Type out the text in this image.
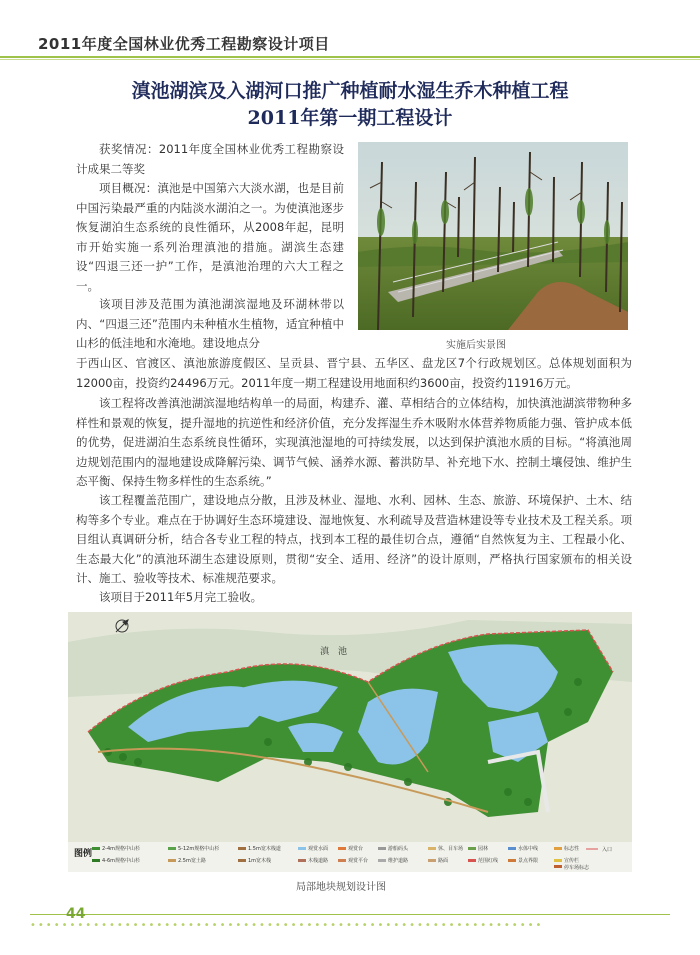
2011年度全国林业优秀工程勘察设计项目
滇池湖滨及入湖河口推广种植耐水湿生乔木种植工程
2011年第一期工程设计

获奖情况：2011年度全国林业优秀工程勘察设计成果二等奖

项目概况：滇池是中国第六大淡水湖，也是目前中国污染最严重的内陆淡水湖泊之一。为使滇池逐步恢复湖泊生态系统的良性循环，从2008年起，昆明市开始实施一系列治理滇池的措施。湖滨生态建设“四退三还一护”工作，是滇池治理的六大工程之一。

该项目涉及范围为滇池湖滨湿地及环湖林带以内、“四退三还”范围内未种植水生植物，适宜种植中山杉的低洼地和水淹地。建设地点分

于西山区、官渡区、滇池旅游度假区、呈贡县、晋宁县、五华区、盘龙区7个行政规划区。总体规划面积为12000亩，投资约24496万元。2011年度一期工程建设用地面积约3600亩，投资约11916万元。

该工程将改善滇池湖滨湿地结构单一的局面，构建乔、灌、草相结合的立体结构，加快滇池湖滨带物种多样性和景观的恢复，提升湿地的抗逆性和经济价值，充分发挥湿生乔木吸附水体营养物质能力强、管护成本低的优势，促进湖泊生态系统良性循环，实现滇池湿地的可持续发展，以达到保护滇池水质的目标。“将滇池周边规划范围内的湿地建设成降解污染、调节气候、涵养水源、蓄洪防旱、补充地下水、控制土壤侵蚀、维护生态平衡、保持生物多样性的生态系统。”

该工程覆盖范围广，建设地点分散，且涉及林业、湿地、水利、园林、生态、旅游、环境保护、土木、结构等多个专业。难点在于协调好生态环境建设、湿地恢复、水利疏导及营造林建设等专业技术及工程关系。项目组认真调研分析，结合各专业工程的特点，找到本工程的最佳切合点，遵循“自然恢复为主、工程最小化、生态最大化”的滇池环湖生态建设原则，贯彻“安全、适用、经济”的设计原则，严格执行国家颁布的相关设计、施工、验收等技术、标准规范要求。

该项目于2011年5月完工验收。

实施后实景图
滇　池
图例 2-4m规格中山杉
4-6m规格中山杉
5-12m规格中山杉
2.5m宽土路
1.5m宽木栈道
1m宽木栈
观赏水面	观赏台
木栈道路	观赏平台
游船码头
维护道路
休、目车场
路面
园林
范围红线
水体中线
景点界限
标志性
宣传栏
停车场标志
入口
局部地块规划设计图
44
•••••••••••••••••••••••••••••••••••••••••••••••••••••••••••••••••
